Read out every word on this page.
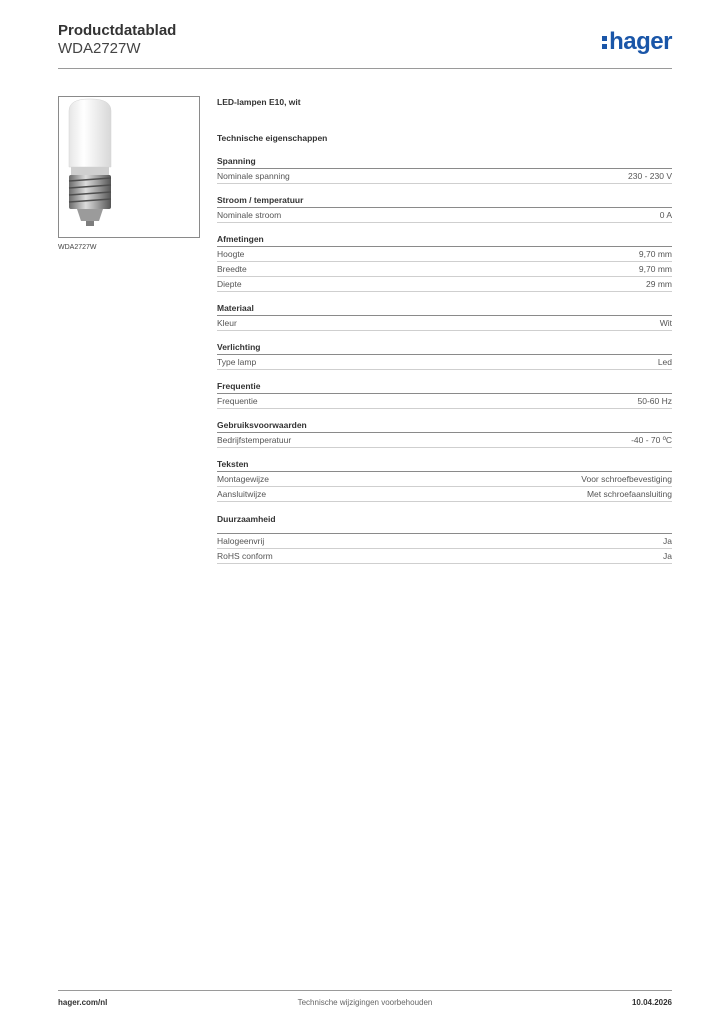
Productdatablad
WDA2727W	hager
WDA2727W
LED-lampen E10, wit
Technische eigenschappen
Spanning
Nominale spanning	230 - 230 V
Stroom / temperatuur
Nominale stroom	0 A
Afmetingen
Hoogte	9,70 mm
Breedte	9,70 mm
Diepte	29 mm
Materiaal
Kleur	Wit
Verlichting
Type lamp	Led
Frequentie
Frequentie	50-60 Hz
Gebruiksvoorwaarden
Bedrijfstemperatuur	-40 - 70 ºC
Teksten
Montagewijze	Voor schroefbevestiging
Aansluitwijze	Met schroefaansluiting
Duurzaamheid
Halogeenvrij	Ja
RoHS conform	Ja
hager.com/nl	Technische wijzigingen voorbehouden	10.04.2026
